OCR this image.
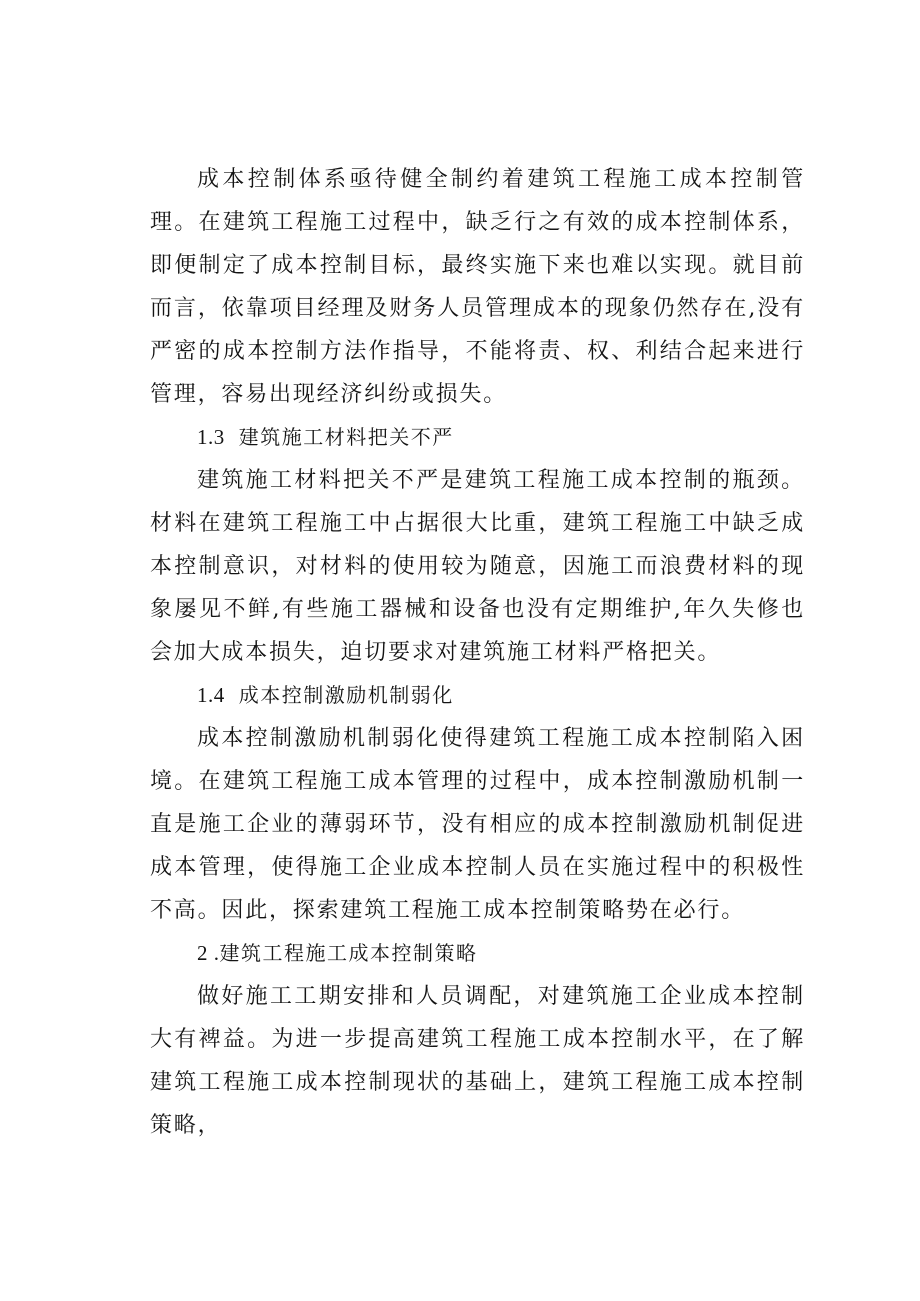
成本控制体系亟待健全制约着建筑工程施工成本控制管理。在建筑工程施工过程中，缺乏行之有效的成本控制体系，即便制定了成本控制目标，最终实施下来也难以实现。就目前而言，依靠项目经理及财务人员管理成本的现象仍然存在,没有严密的成本控制方法作指导，不能将责、权、利结合起来进行管理，容易出现经济纠纷或损失。

1.3 建筑施工材料把关不严

建筑施工材料把关不严是建筑工程施工成本控制的瓶颈。材料在建筑工程施工中占据很大比重，建筑工程施工中缺乏成本控制意识，对材料的使用较为随意，因施工而浪费材料的现象屡见不鲜,有些施工器械和设备也没有定期维护,年久失修也会加大成本损失，迫切要求对建筑施工材料严格把关。

1.4 成本控制激励机制弱化

成本控制激励机制弱化使得建筑工程施工成本控制陷入困境。在建筑工程施工成本管理的过程中，成本控制激励机制一直是施工企业的薄弱环节，没有相应的成本控制激励机制促进成本管理，使得施工企业成本控制人员在实施过程中的积极性不高。因此，探索建筑工程施工成本控制策略势在必行。

2 .建筑工程施工成本控制策略

做好施工工期安排和人员调配，对建筑施工企业成本控制大有裨益。为进一步提高建筑工程施工成本控制水平，在了解建筑工程施工成本控制现状的基础上，建筑工程施工成本控制策略，
